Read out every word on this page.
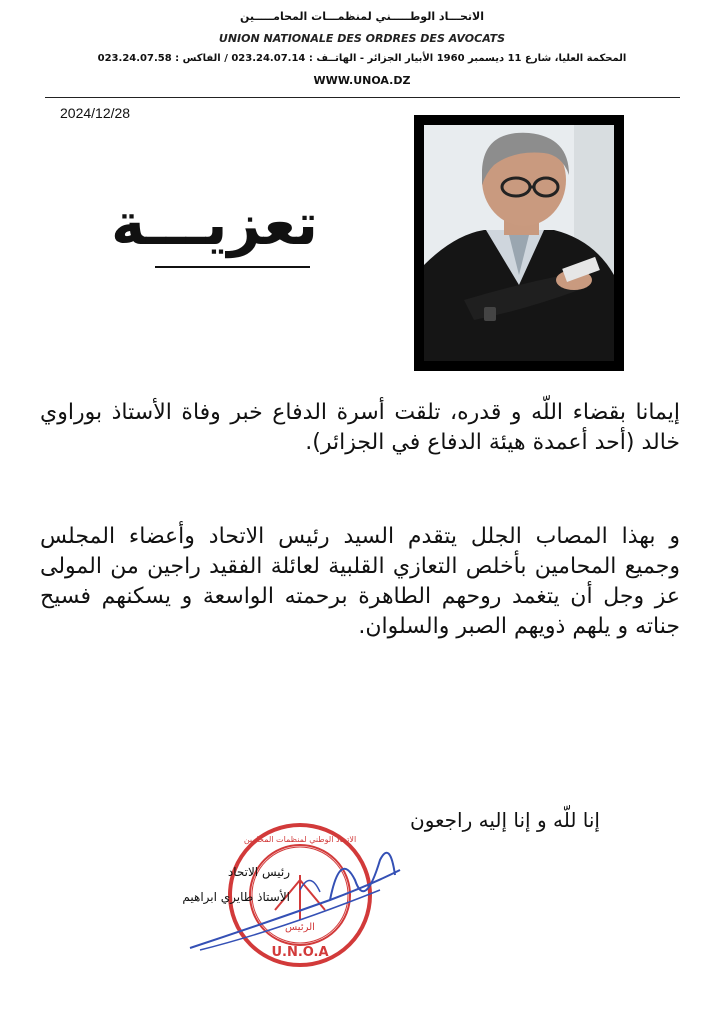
الاتحـــاد الوطـــــني لمنظمـــات المحامـــــين
UNION NATIONALE DES ORDRES DES AVOCATS
المحكمة العليا، شارع 11 ديسمبر 1960 الأبيار الجزائر - الهاتــف : 023.24.07.14 / الفاكس : 023.24.07.58
WWW.UNOA.DZ
2024/12/28
تعزيـــة
إيمانا بقضاء اللّه و قدره، تلقت أسرة الدفاع خبر وفاة الأستاذ بوراوي خالد (أحد أعمدة هيئة الدفاع في الجزائر).
و بهذا المصاب الجلل يتقدم السيد رئيس الاتحاد وأعضاء المجلس وجميع المحامين بأخلص التعازي القلبية لعائلة الفقيد راجين من المولى عز وجل أن يتغمد روحهم الطاهرة برحمته الواسعة و يسكنهم فسيح جناته و يلهم ذويهم الصبر والسلوان.
إنا للّه و إنا إليه راجعون
الرئيس
U.N.O.A
الاتحاد الوطني لمنظمات المحامين
رئيس الاتحاد
الأستاذ طايري ابراهيم
